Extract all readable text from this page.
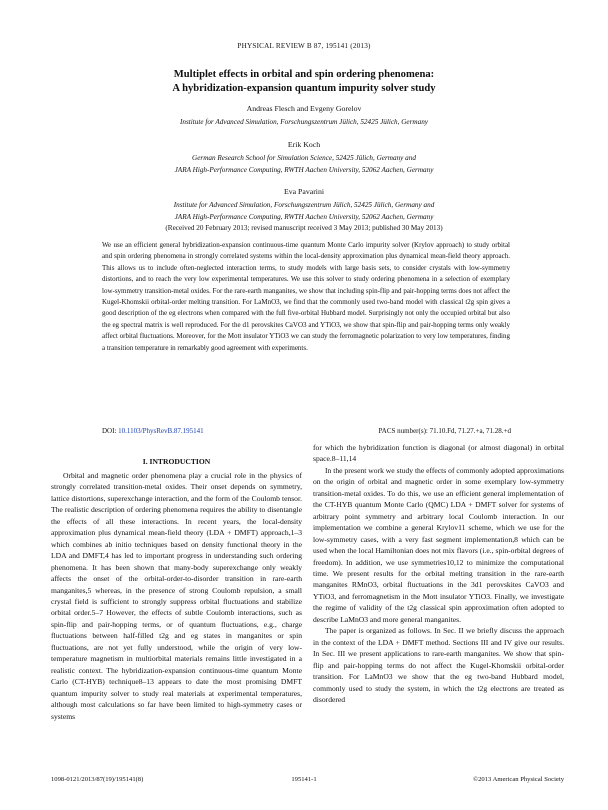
PHYSICAL REVIEW B 87, 195141 (2013)
Multiplet effects in orbital and spin ordering phenomena:
A hybridization-expansion quantum impurity solver study
Andreas Flesch and Evgeny Gorelov
Institute for Advanced Simulation, Forschungszentrum Jülich, 52425 Jülich, Germany
Erik Koch
German Research School for Simulation Science, 52425 Jülich, Germany and
JARA High-Performance Computing, RWTH Aachen University, 52062 Aachen, Germany
Eva Pavarini
Institute for Advanced Simulation, Forschungszentrum Jülich, 52425 Jülich, Germany and
JARA High-Performance Computing, RWTH Aachen University, 52062 Aachen, Germany
(Received 20 February 2013; revised manuscript received 3 May 2013; published 30 May 2013)
We use an efficient general hybridization-expansion continuous-time quantum Monte Carlo impurity solver (Krylov approach) to study orbital and spin ordering phenomena in strongly correlated systems within the local-density approximation plus dynamical mean-field theory approach. This allows us to include often-neglected interaction terms, to study models with large basis sets, to consider crystals with low-symmetry distortions, and to reach the very low experimental temperatures. We use this solver to study ordering phenomena in a selection of exemplary low-symmetry transition-metal oxides. For the rare-earth manganites, we show that including spin-flip and pair-hopping terms does not affect the Kugel-Khomskii orbital-order melting transition. For LaMnO3, we find that the commonly used two-band model with classical t2g spin gives a good description of the eg electrons when compared with the full five-orbital Hubbard model. Surprisingly not only the occupied orbital but also the eg spectral matrix is well reproduced. For the d1 perovskites CaVO3 and YTiO3, we show that spin-flip and pair-hopping terms only weakly affect orbital fluctuations. Moreover, for the Mott insulator YTiO3 we can study the ferromagnetic polarization to very low temperatures, finding a transition temperature in remarkably good agreement with experiments.
DOI: 10.1103/PhysRevB.87.195141	PACS number(s): 71.10.Fd, 71.27.+a, 71.28.+d
I. INTRODUCTION

Orbital and magnetic order phenomena play a crucial role in the physics of strongly correlated transition-metal oxides. Their onset depends on symmetry, lattice distortions, superexchange interaction, and the form of the Coulomb tensor. The realistic description of ordering phenomena requires the ability to disentangle the effects of all these interactions. In recent years, the local-density approximation plus dynamical mean-field theory (LDA + DMFT) approach,1–3 which combines ab initio techniques based on density functional theory in the LDA and DMFT,4 has led to important progress in understanding such ordering phenomena. It has been shown that many-body superexchange only weakly affects the onset of the orbital-order-to-disorder transition in rare-earth manganites,5 whereas, in the presence of strong Coulomb repulsion, a small crystal field is sufficient to strongly suppress orbital fluctuations and stabilize orbital order.5–7 However, the effects of subtle Coulomb interactions, such as spin-flip and pair-hopping terms, or of quantum fluctuations, e.g., charge fluctuations between half-filled t2g and eg states in manganites or spin fluctuations, are not yet fully understood, while the origin of very low-temperature magnetism in multiorbital materials remains little investigated in a realistic context. The hybridization-expansion continuous-time quantum Monte Carlo (CT-HYB) technique8–13 appears to date the most promising DMFT quantum impurity solver to study real materials at experimental temperatures, although most calculations so far have been limited to high-symmetry cases or systems

for which the hybridization function is diagonal (or almost diagonal) in orbital space.8–11,14

In the present work we study the effects of commonly adopted approximations on the origin of orbital and magnetic order in some exemplary low-symmetry transition-metal oxides. To do this, we use an efficient general implementation of the CT-HYB quantum Monte Carlo (QMC) LDA + DMFT solver for systems of arbitrary point symmetry and arbitrary local Coulomb interaction. In our implementation we combine a general Krylov11 scheme, which we use for the low-symmetry cases, with a very fast segment implementation,8 which can be used when the local Hamiltonian does not mix flavors (i.e., spin-orbital degrees of freedom). In addition, we use symmetries10,12 to minimize the computational time. We present results for the orbital melting transition in the rare-earth manganites RMnO3, orbital fluctuations in the 3d1 perovskites CaVO3 and YTiO3, and ferromagnetism in the Mott insulator YTiO3. Finally, we investigate the regime of validity of the t2g classical spin approximation often adopted to describe LaMnO3 and more general manganites.

The paper is organized as follows. In Sec. II we briefly discuss the approach in the context of the LDA + DMFT method. Sections III and IV give our results. In Sec. III we present applications to rare-earth manganites. We show that spin-flip and pair-hopping terms do not affect the Kugel-Khomskii orbital-order transition. For LaMnO3 we show that the eg two-band Hubbard model, commonly used to study the system, in which the t2g electrons are treated as disordered

1098-0121/2013/87(19)/195141(8)	195141-1	©2013 American Physical Society
